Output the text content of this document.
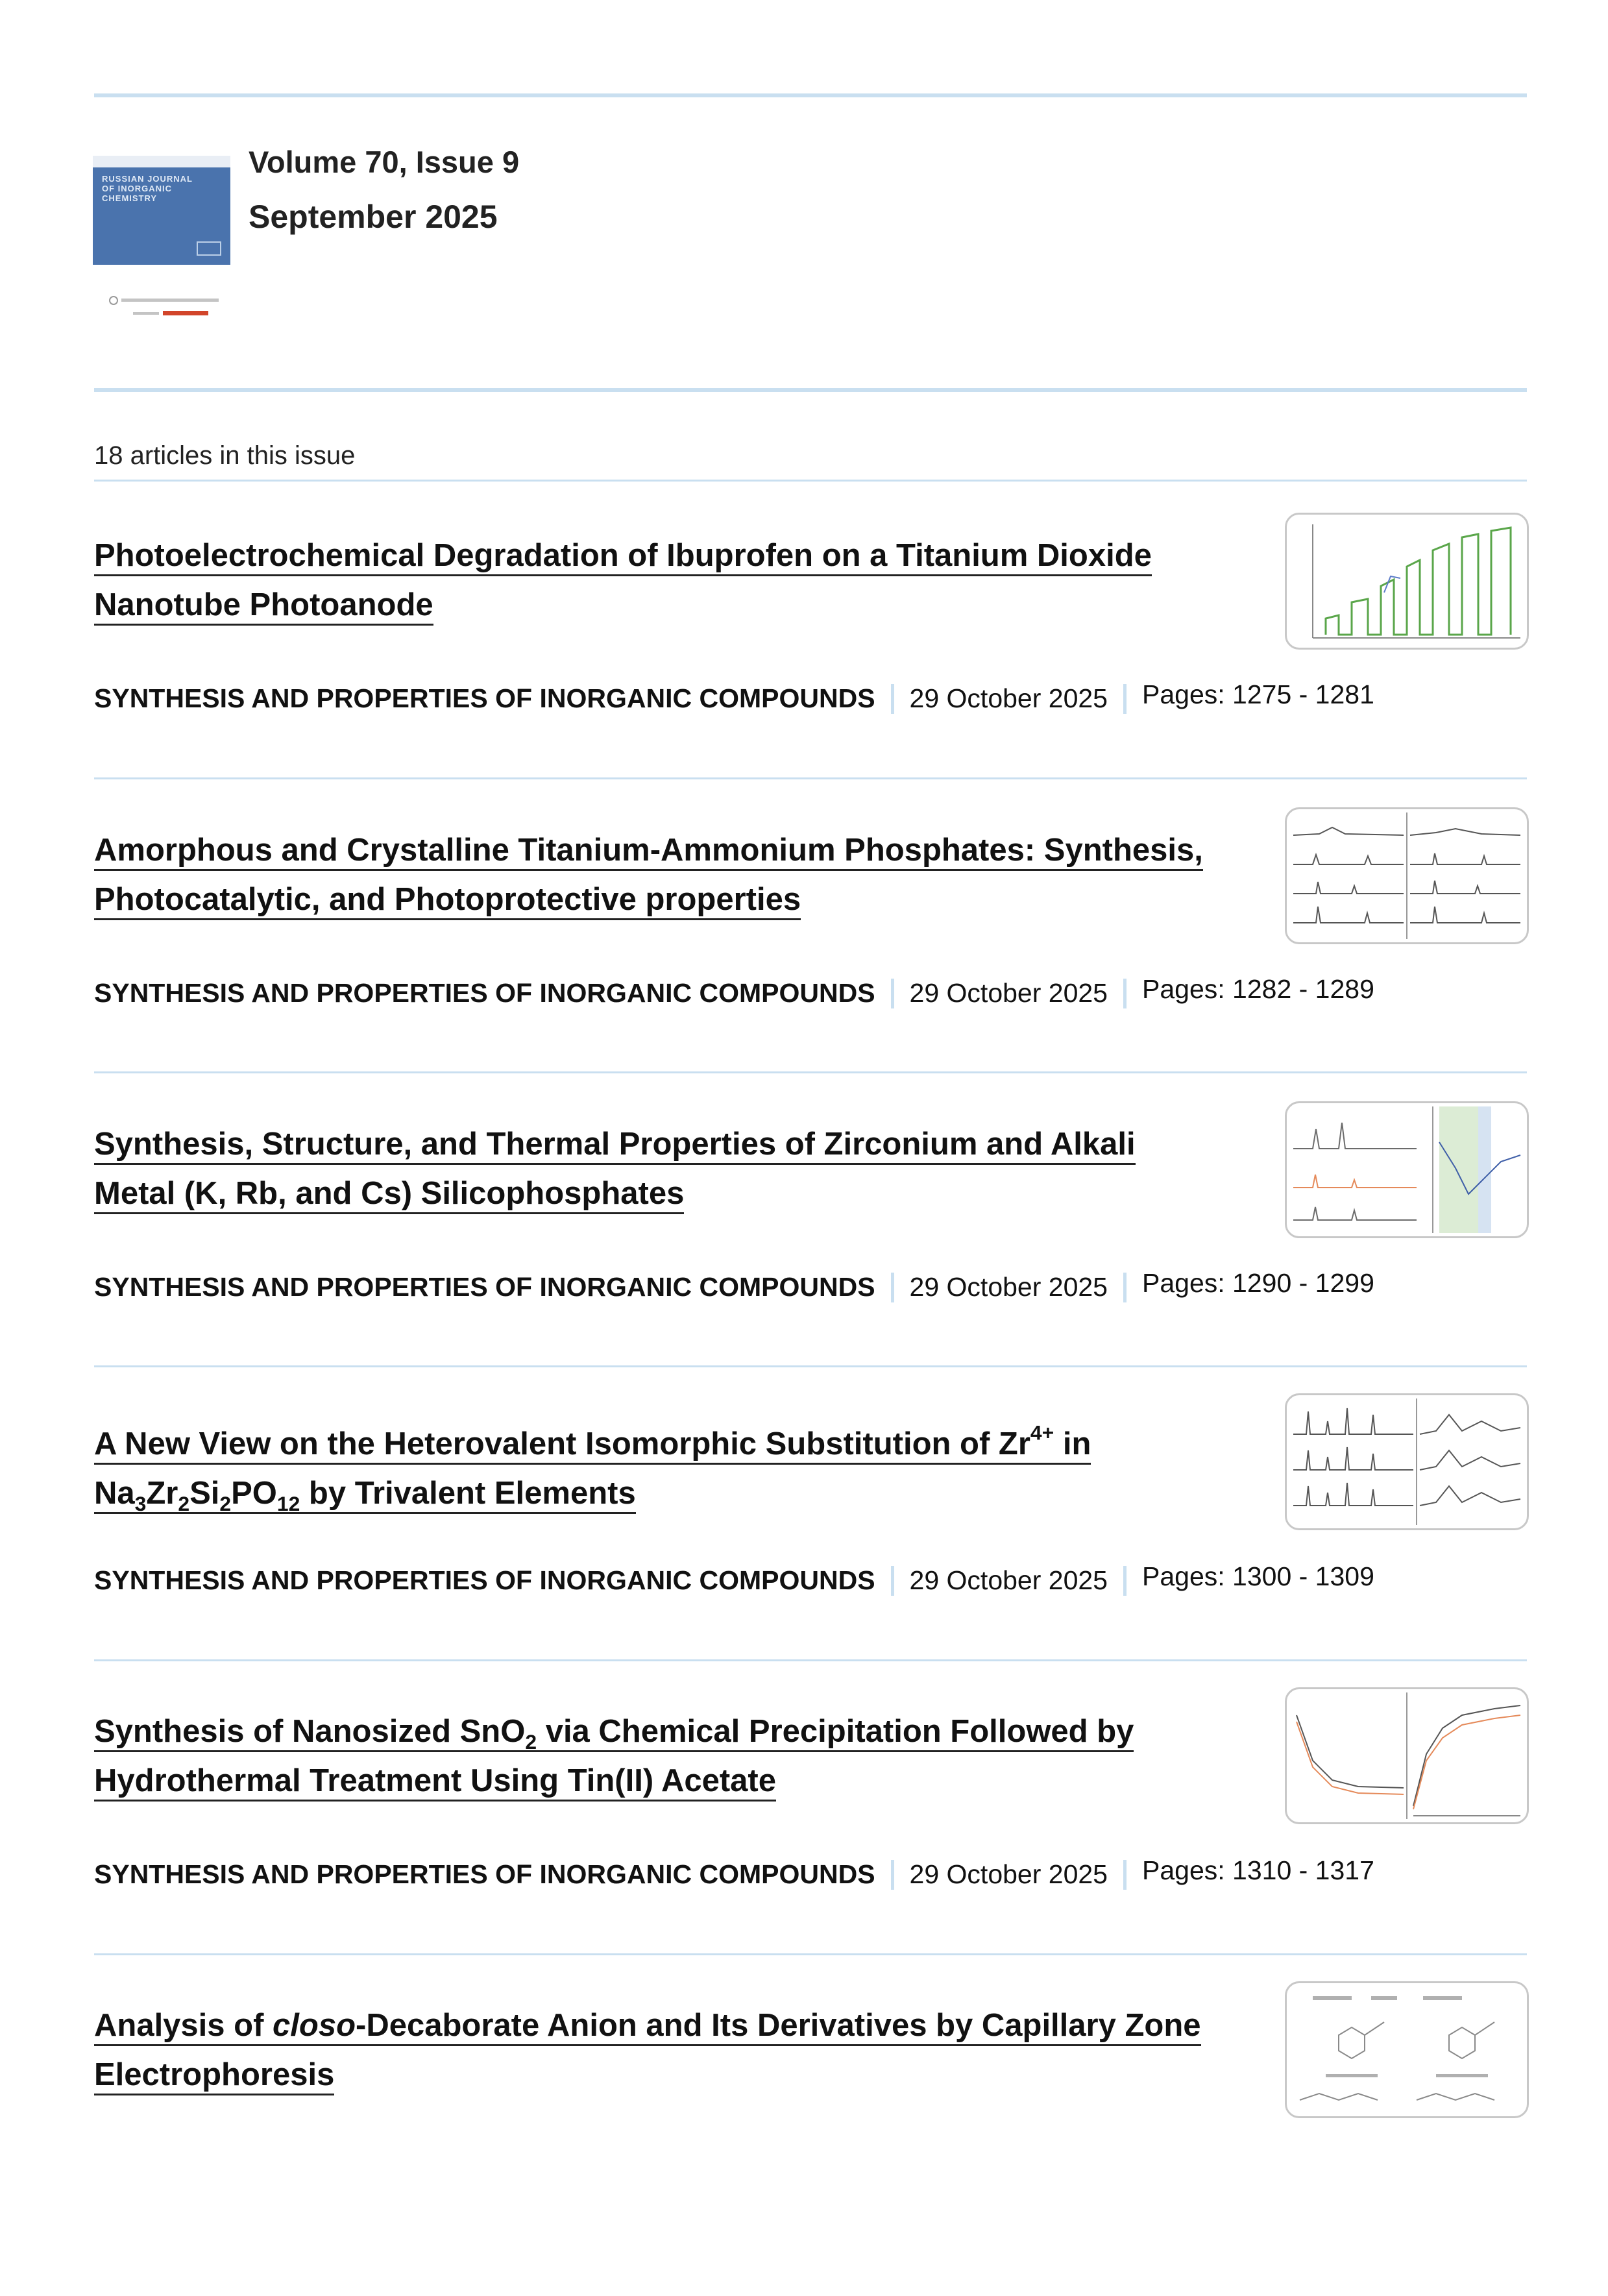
RUSSIAN JOURNAL OF INORGANIC CHEMISTRY
Volume 70, Issue 9
September 2025
18 articles in this issue
Photoelectrochemical Degradation of Ibuprofen on a Titanium Dioxide
Nanotube Photoanode
SYNTHESIS AND PROPERTIES OF INORGANIC COMPOUNDS 29 October 2025 Pages: 1275 - 1281
Amorphous and Crystalline Titanium-Ammonium Phosphates: Synthesis,
Photocatalytic, and Photoprotective properties
SYNTHESIS AND PROPERTIES OF INORGANIC COMPOUNDS 29 October 2025 Pages: 1282 - 1289
Synthesis, Structure, and Thermal Properties of Zirconium and Alkali
Metal (K, Rb, and Cs) Silicophosphates
SYNTHESIS AND PROPERTIES OF INORGANIC COMPOUNDS 29 October 2025 Pages: 1290 - 1299
A New View on the Heterovalent Isomorphic Substitution of $Zr^{4+}$ in
$Na_3Zr_2Si_2PO_{12}$ by Trivalent Elements
SYNTHESIS AND PROPERTIES OF INORGANIC COMPOUNDS 29 October 2025 Pages: 1300 - 1309
Synthesis of Nanosized SnO$_2$ via Chemical Precipitation Followed by
Hydrothermal Treatment Using Tin(II) Acetate
SYNTHESIS AND PROPERTIES OF INORGANIC COMPOUNDS 29 October 2025 Pages: 1310 - 1317
Analysis of closo-Decaborate Anion and Its Derivatives by Capillary Zone
Electrophoresis
